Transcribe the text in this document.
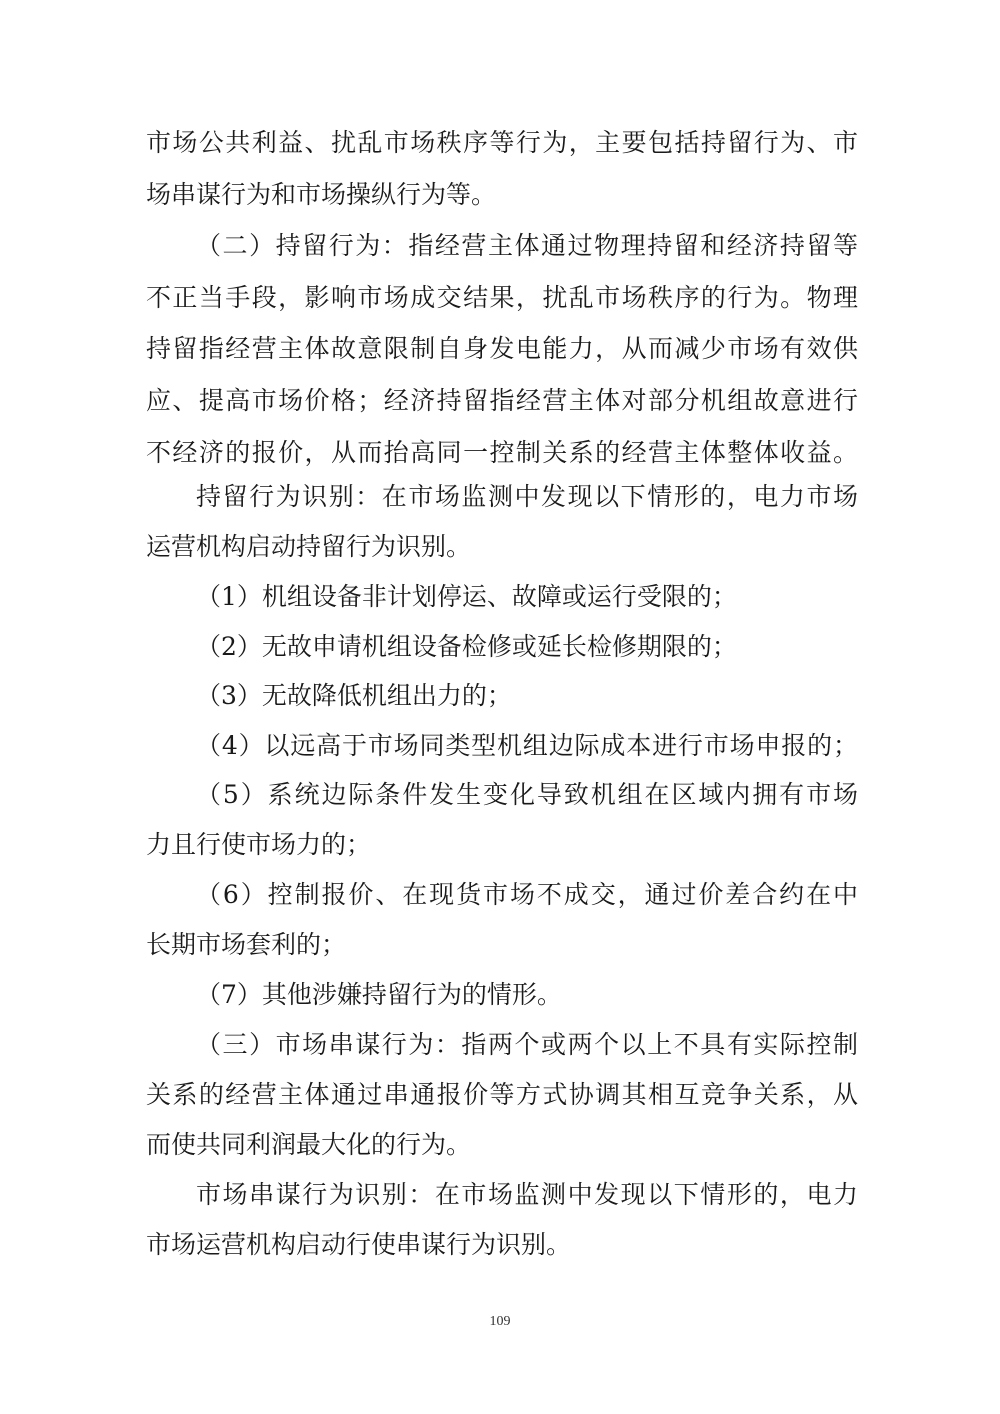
市场公共利益、扰乱市场秩序等行为，主要包括持留行为、市
场串谋行为和市场操纵行为等。
（二）持留行为：指经营主体通过物理持留和经济持留等
不正当手段，影响市场成交结果，扰乱市场秩序的行为。物理
持留指经营主体故意限制自身发电能力，从而减少市场有效供
应、提高市场价格；经济持留指经营主体对部分机组故意进行
不经济的报价，从而抬高同一控制关系的经营主体整体收益。
持留行为识别：在市场监测中发现以下情形的，电力市场
运营机构启动持留行为识别。
（1）机组设备非计划停运、故障或运行受限的；
（2）无故申请机组设备检修或延长检修期限的；
（3）无故降低机组出力的；
（4）以远高于市场同类型机组边际成本进行市场申报的；
（5）系统边际条件发生变化导致机组在区域内拥有市场
力且行使市场力的；
（6）控制报价、在现货市场不成交，通过价差合约在中
长期市场套利的；
（7）其他涉嫌持留行为的情形。
（三）市场串谋行为：指两个或两个以上不具有实际控制
关系的经营主体通过串通报价等方式协调其相互竞争关系，从
而使共同利润最大化的行为。
市场串谋行为识别：在市场监测中发现以下情形的，电力
市场运营机构启动行使串谋行为识别。
109
